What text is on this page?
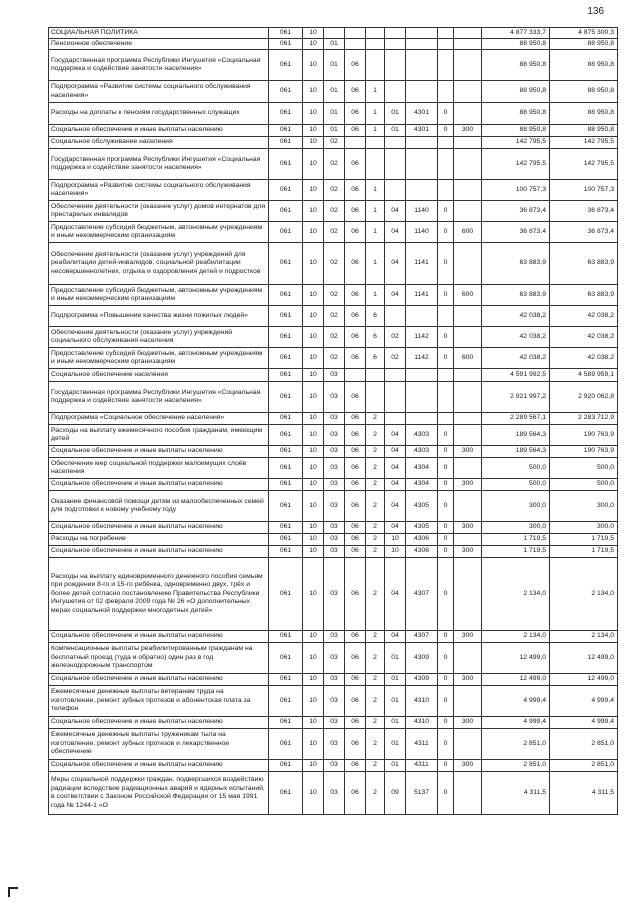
136
СОЦИАЛЬНАЯ ПОЛИТИКА	061	10								4 877 333,7	4 875 300,3
Пенсионное обеспечение	061	10	01							88 950,8	88 950,8
Государственная программа Республики Ингушетия «Социальная поддержка и содействие занятости населения»	061	10	01	06						88 950,8	88 950,8
Подпрограмма «Развитие системы социального обслуживания населения»	061	10	01	06	1					88 950,8	88 950,8
Расходы на доплаты к пенсиям государственных служащих	061	10	01	06	1	01	4301	0		88 950,8	88 950,8
Социальное обеспечение и иные выплаты населению	061	10	01	06	1	01	4301	0	300	88 950,8	88 950,8
Социальное обслуживание населения	061	10	02							142 795,5	142 795,5
Государственная программа Республики Ингушетия «Социальная поддержка и содействие занятости населения»	061	10	02	06						142 795,5	142 795,5
Подпрограмма «Развитие системы социального обслуживания населения»	061	10	02	06	1					100 757,3	100 757,3
Обеспечение деятельности (оказание услуг) домов интернатов для престарелых инвалидов	061	10	02	06	1	04	1140	0		36 873,4	36 873,4
Предоставление субсидий бюджетным, автономным учреждениям и иным некоммерческим организациям	061	10	02	06	1	04	1140	0	600	36 873,4	36 873,4
Обеспечение деятельности (оказание услуг) учреждений для реабилитации детей-инвалидов, социальной реабилитации несовершеннолетних, отдыха и оздоровления детей и подростков	061	10	02	06	1	04	1141	0		63 883,9	63 883,9
Предоставление субсидий бюджетным, автономным учреждениям и иным некоммерческим организациям	061	10	02	06	1	04	1141	0	600	63 883,9	63 883,9
Подпрограмма «Повышение качества жизни пожилых людей»	061	10	02	06	6					42 038,2	42 038,2
Обеспечение деятельности (оказание услуг) учреждений социального обслуживания населения	061	10	02	06	6	02	1142	0		42 038,2	42 038,2
Предоставление субсидий бюджетным, автономным учреждениям и иным некоммерческим организациям	061	10	02	06	6	02	1142	0	600	42 038,2	42 038,2
Социальное обеспечение населения	061	10	03							4 591 992,5	4 589 959,1
Государственная программа Республики Ингушетия «Социальная поддержка и содействие занятости населения»	061	10	03	06						2 921 997,2	2 920 062,8
Подпрограмма «Социальное обеспечение населения»	061	10	03	06	2					2 289 567,1	2 283 712,9
Расходы на выплату ежемесячного пособия гражданам, имеющим детей	061	10	03	06	2	04	4303	0		189 564,3	190 763,9
Социальное обеспечение и иные выплаты населению	061	10	03	06	2	04	4303	0	300	189 564,3	190 763,9
Обеспечение мер социальной поддержки малоимущих слоёв населения	061	10	03	06	2	04	4304	0		500,0	500,0
Социальное обеспечение и иные выплаты населению	061	10	03	06	2	04	4304	0	300	500,0	500,0
Оказание финансовой помощи детям из малообеспеченных семей для подготовки к новому учебному году	061	10	03	06	2	04	4305	0		300,0	300,0
Социальное обеспечение и иные выплаты населению	061	10	03	06	2	04	4305	0	300	300,0	300,0
Расходы на погребение	061	10	03	06	2	10	4306	0		1 719,5	1 719,5
Социальное обеспечение и иные выплаты населению	061	10	03	06	2	10	4306	0	300	1 719,5	1 719,5
Расходы на выплату единовременного денежного пособия семьям при рождении 8-го и 15-го ребёнка, одновременно двух, трёх и более детей согласно постановлению Правительства Республики Ингушетия от 02 февраля 2009 года № 26 «О дополнительных мерах социальной поддержки многодетных детей»	061	10	03	06	2	04	4307	0		2 134,0	2 134,0
Социальное обеспечение и иные выплаты населению	061	10	03	06	2	04	4307	0	300	2 134,0	2 134,0
Компенсационные выплаты реабилитированным гражданам на бесплатный проезд (туда и обратно) один раз в год железнодорожным транспортом	061	10	03	06	2	01	4309	0		12 499,0	12 499,0
Социальное обеспечение и иные выплаты населению	061	10	03	06	2	01	4309	0	300	12 499,0	12 499,0
Ежемесячные денежные выплаты ветеранам труда на изготовление, ремонт зубных протезов и абонентская плата за телефон	061	10	03	06	2	01	4310	0		4 999,4	4 999,4
Социальное обеспечение и иные выплаты населению	061	10	03	06	2	01	4310	0	300	4 999,4	4 999,4
Ежемесячные денежные выплаты труженикам тыла на изготовление, ремонт зубных протезов и лекарственное обеспечение	061	10	03	06	2	01	4311	0		2 851,0	2 851,0
Социальное обеспечение и иные выплаты населению	061	10	03	06	2	01	4311	0	300	2 851,0	2 851,0
Меры социальной поддержки граждан, подвергшихся воздействию радиации вследствие радиационных аварий и ядерных испытаний, в соответствии с Законом Российской Федерации от 15 мая 1991 года № 1244-1 «О	061	10	03	06	2	09	5137	0		4 311,5	4 311,5
